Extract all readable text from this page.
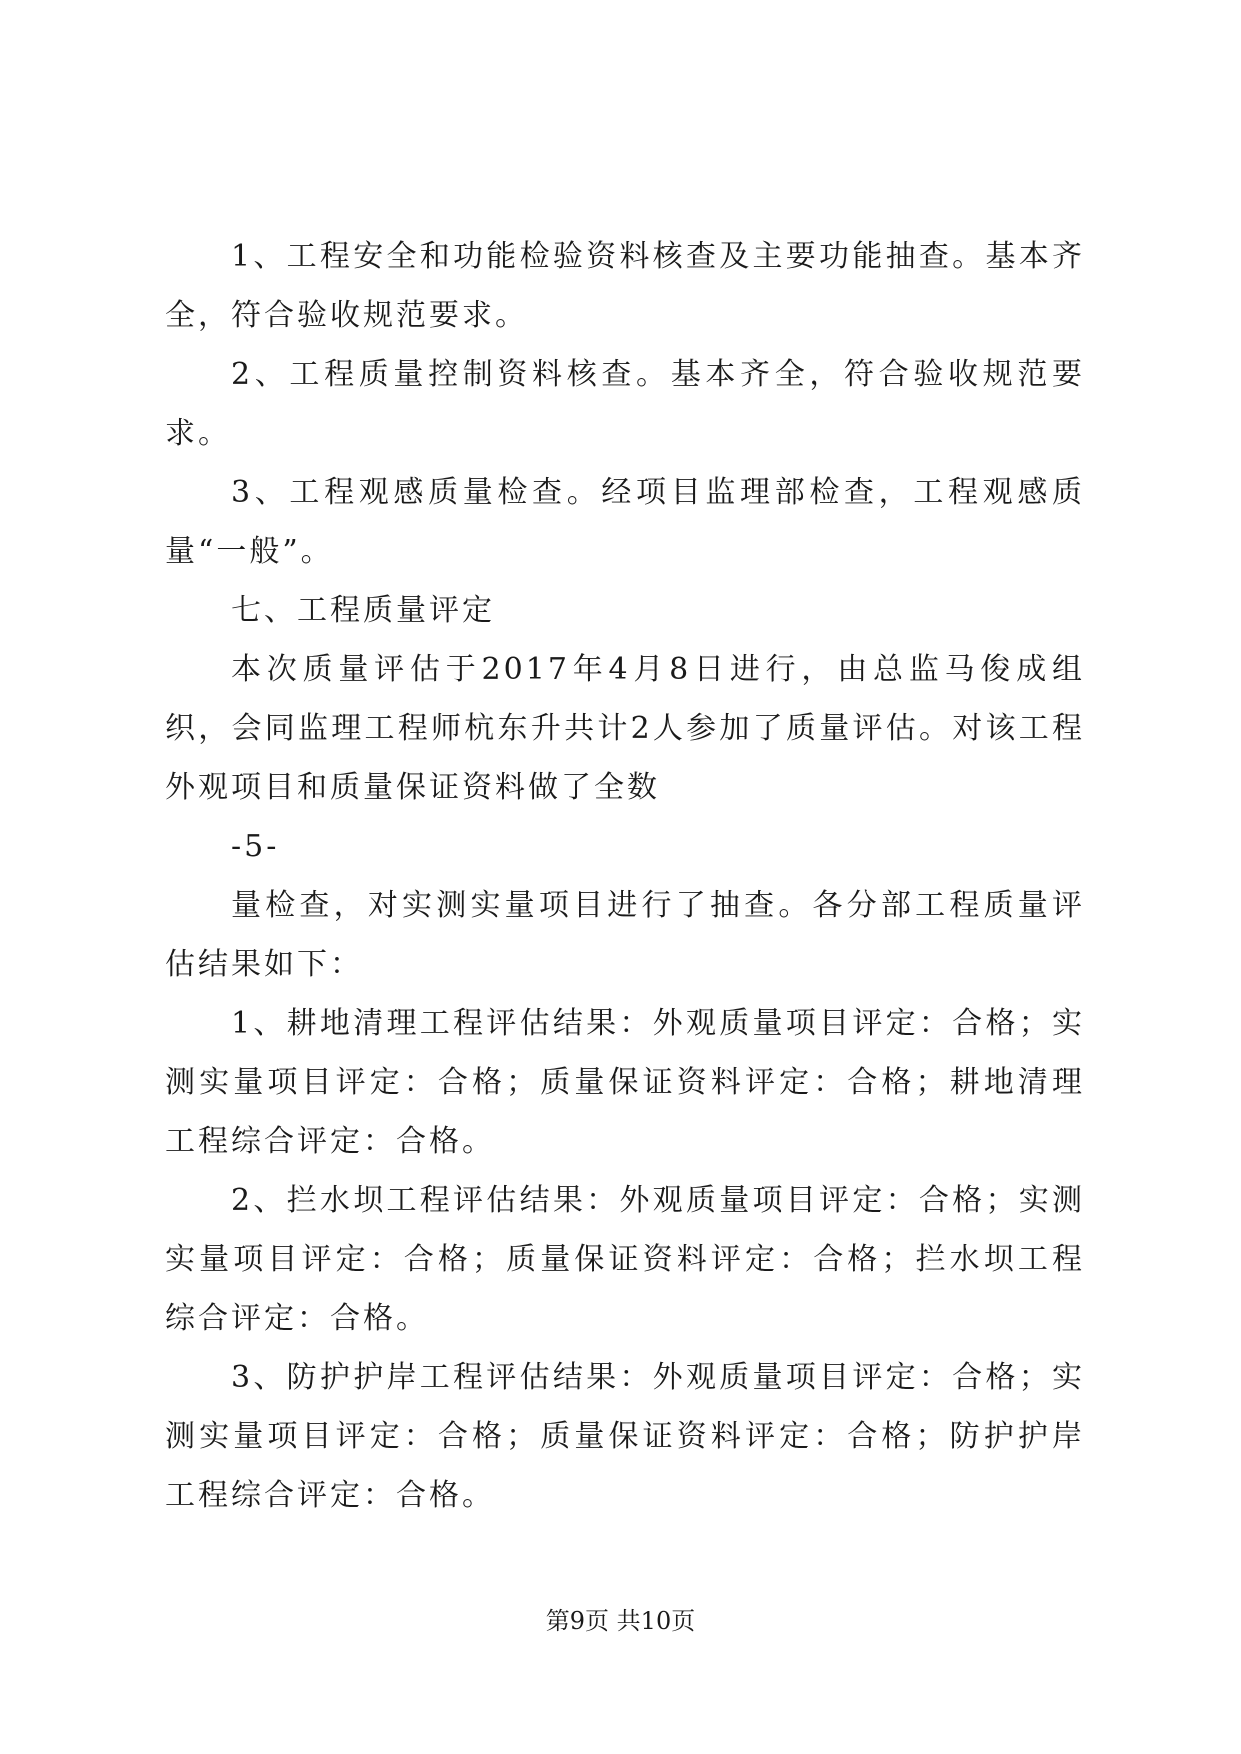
1、工程安全和功能检验资料核查及主要功能抽查。基本齐全，符合验收规范要求。

2、工程质量控制资料核查。基本齐全，符合验收规范要求。

3、工程观感质量检查。经项目监理部检查，工程观感质量“一般”。

七、工程质量评定

本次质量评估于2017年4月8日进行，由总监马俊成组织，会同监理工程师杭东升共计2人参加了质量评估。对该工程外观项目和质量保证资料做了全数

-5-

量检查，对实测实量项目进行了抽查。各分部工程质量评估结果如下：

1、耕地清理工程评估结果：外观质量项目评定：合格；实测实量项目评定：合格；质量保证资料评定：合格；耕地清理工程综合评定：合格。

2、拦水坝工程评估结果：外观质量项目评定：合格；实测实量项目评定：合格；质量保证资料评定：合格；拦水坝工程综合评定：合格。

3、防护护岸工程评估结果：外观质量项目评定：合格；实测实量项目评定：合格；质量保证资料评定：合格；防护护岸工程综合评定：合格。

第9页 共10页
